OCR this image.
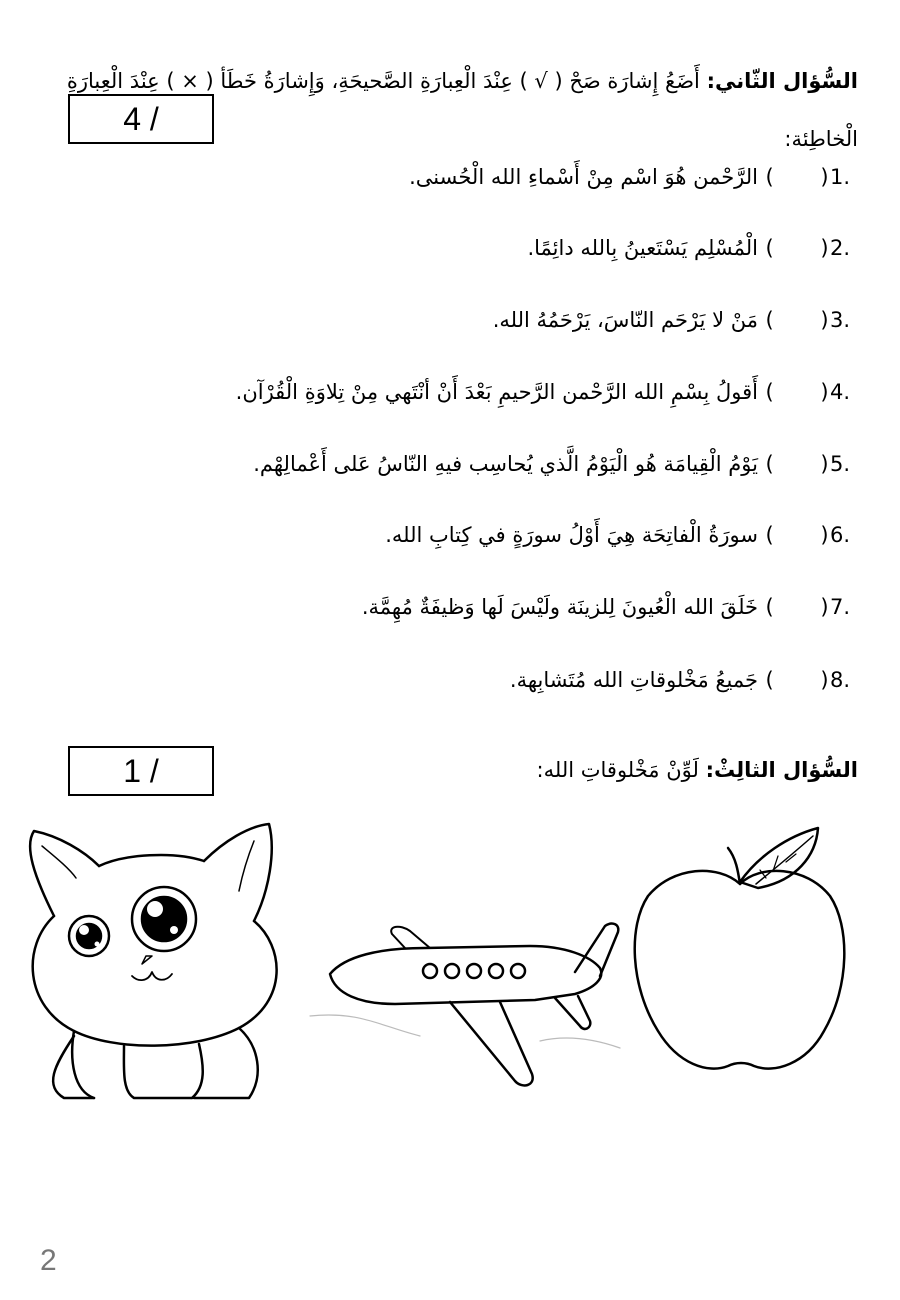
السُّؤال الثّاني: أَضَعُ إِشارَة صَحْ ( √ ) عِنْدَ الْعِبارَةِ الصَّحيحَةِ، وَإِشارَةُ خَطَأ ( × ) عِنْدَ الْعِبارَةِ الْخاطِئة:
4 /
1.
(       )
الرَّحْمن هُوَ اسْم مِنْ أَسْماءِ الله الْحُسنى.
2.
(       )
الْمُسْلِم يَسْتَعينُ بِالله دائِمًا.
3.
(       )
مَنْ لا يَرْحَم النّاسَ، يَرْحَمُهُ الله.
4.
(       )
أَقولُ بِسْمِ الله الرَّحْمن الرَّحيمِ بَعْدَ أَنْ أنْتَهي مِنْ تِلاوَةِ الْقُرْآن.
5.
(       )
يَوْمُ الْقِيامَة هُو الْيَوْمُ الَّذي يُحاسِب فيهِ النّاسُ عَلى أَعْمالِهْم.
6.
(       )
سورَةُ الْفاتِحَة هِيَ أَوْلُ سورَةٍ في كِتابِ الله.
7.
(       )
خَلَقَ الله الْعُيونَ لِلزينَة ولَيْسَ لَها وَظيفَةٌ مُهِمَّة.
8.
(       )
جَميعُ مَخْلوقاتِ الله مُتَشابِهة.
السُّؤال الثالِثْ: لَوِّنْ مَخْلوقاتِ الله:
1 /
2
